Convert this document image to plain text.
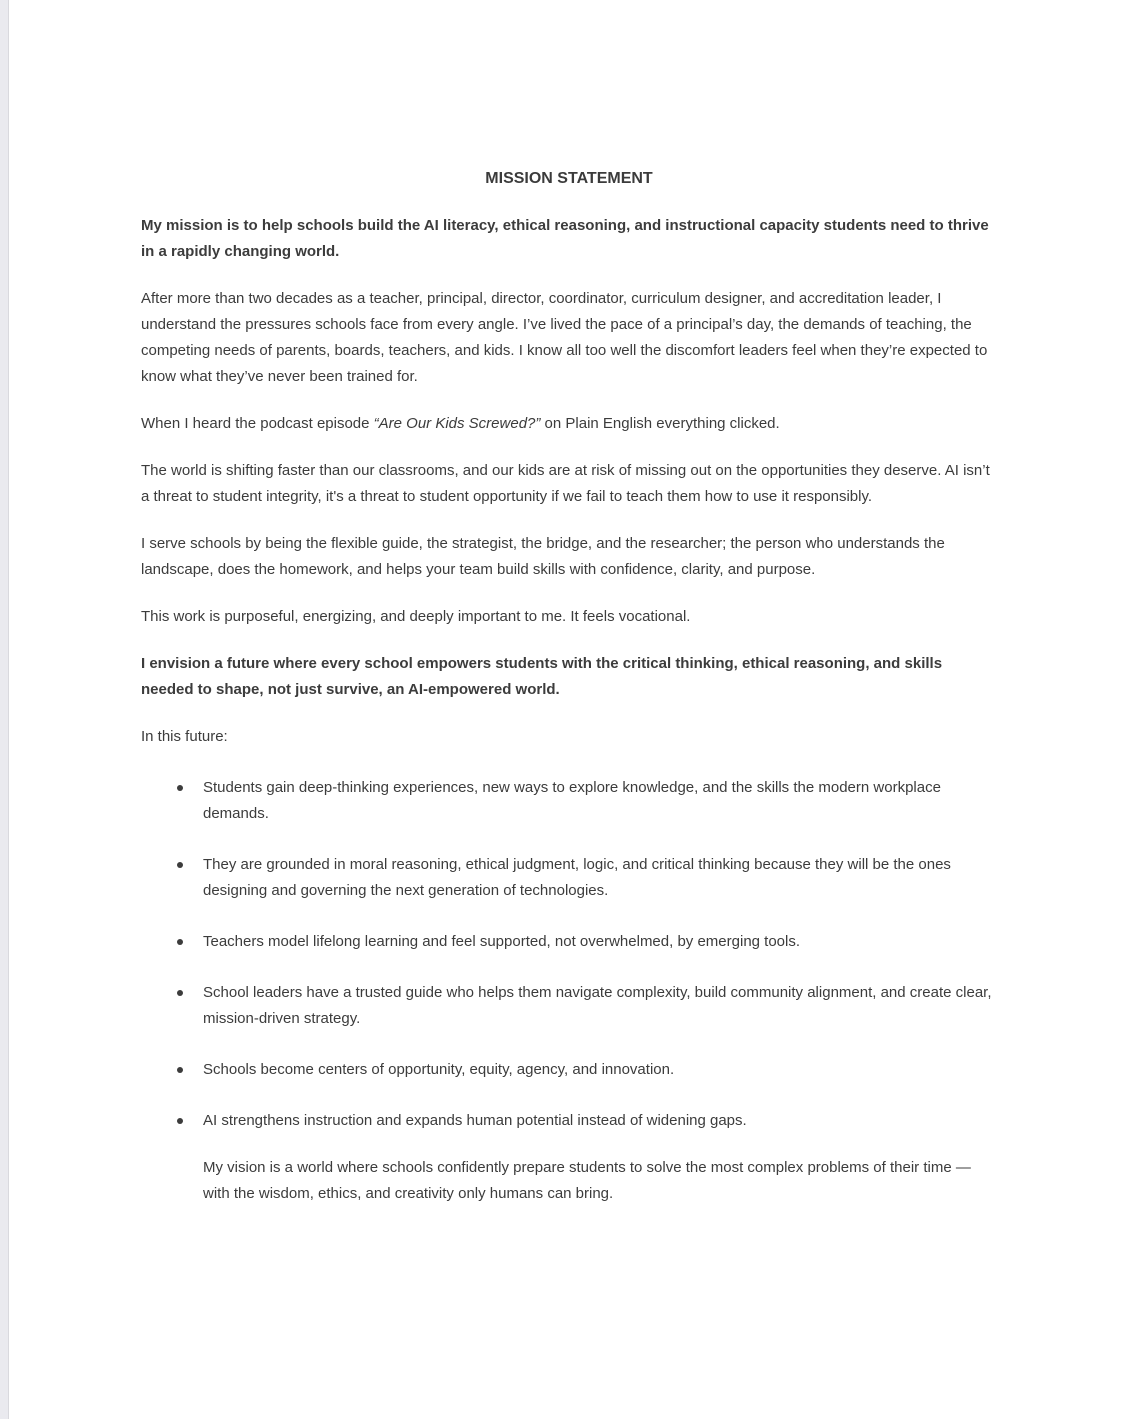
MISSION STATEMENT

My mission is to help schools build the AI literacy, ethical reasoning, and instructional capacity students need to thrive in a rapidly changing world.

After more than two decades as a teacher, principal, director, coordinator, curriculum designer, and accreditation leader, I understand the pressures schools face from every angle. I’ve lived the pace of a principal’s day, the demands of teaching, the competing needs of parents, boards, teachers, and kids. I know all too well the discomfort leaders feel when they’re expected to know what they’ve never been trained for.

When I heard the podcast episode “Are Our Kids Screwed?” on Plain English everything clicked.

The world is shifting faster than our classrooms, and our kids are at risk of missing out on the opportunities they deserve. AI isn’t a threat to student integrity, it's a threat to student opportunity if we fail to teach them how to use it responsibly.

I serve schools by being the flexible guide, the strategist, the bridge, and the researcher; the person who understands the landscape, does the homework, and helps your team build skills with confidence, clarity, and purpose.

This work is purposeful, energizing, and deeply important to me. It feels vocational.

I envision a future where every school empowers students with the critical thinking, ethical reasoning, and skills  needed to shape, not just survive, an AI-empowered world.

In this future:

Students gain deep-thinking experiences, new ways to explore knowledge, and the skills the modern workplace demands.
They are grounded in moral reasoning, ethical judgment, logic, and critical thinking because they will be the ones designing and governing the next generation of technologies.
Teachers model lifelong learning and feel supported, not overwhelmed, by emerging tools.
School leaders have a trusted guide who helps them navigate complexity, build community alignment, and create clear, mission-driven strategy.
Schools become centers of opportunity, equity, agency, and innovation.
AI strengthens instruction and expands human potential instead of widening gaps.

My vision is a world where schools confidently prepare students to solve the most complex problems of their time — with the wisdom, ethics, and creativity only humans can bring.
